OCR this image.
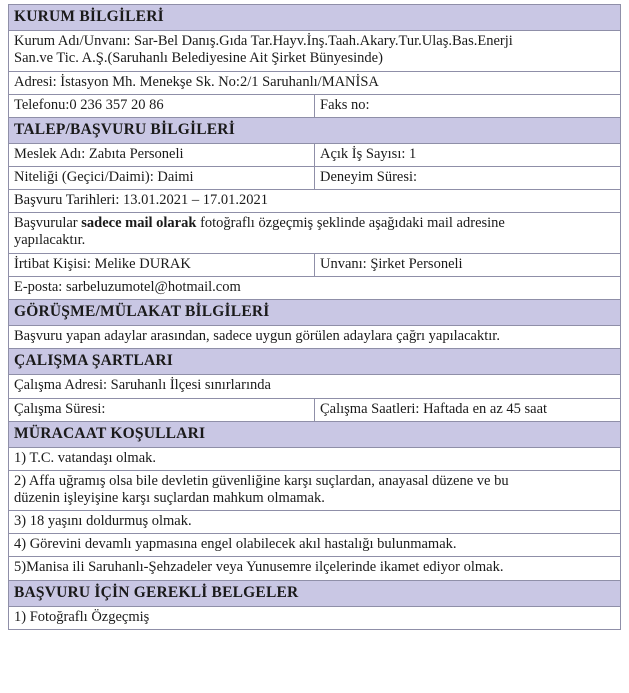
KURUM BİLGİLERİ	

Kurum Adı/Unvanı: Sar-Bel Danış.Gıda Tar.Hayv.İnş.Taah.Akary.Tur.Ulaş.Bas.Enerji
San.ve Tic. A.Ş.(Saruhanlı Belediyesine Ait Şirket Bünyesinde)	

Adresi: İstasyon Mh. Menekşe Sk. No:2/1 Saruhanlı/MANİSA	
Telefonu:0 236 357 20 86	Faks no:

TALEP/BAŞVURU BİLGİLERİ	

Meslek Adı: Zabıta Personeli	Açık İş Sayısı: 1
Niteliği (Geçici/Daimi): Daimi	Deneyim Süresi:
Başvuru Tarihleri: 13.01.2021 – 17.01.2021	

Başvurular sadece mail olarak fotoğraflı özgeçmiş şeklinde aşağıdaki mail adresine
yapılacaktır.	

İrtibat Kişisi: Melike DURAK	Unvanı: Şirket Personeli
E-posta: sarbeluzumotel@hotmail.com	

GÖRÜŞME/MÜLAKAT BİLGİLERİ	

Başvuru yapan adaylar arasından, sadece uygun görülen adaylara çağrı yapılacaktır.	

ÇALIŞMA ŞARTLARI	

Çalışma Adresi: Saruhanlı İlçesi sınırlarında	
Çalışma Süresi:	Çalışma Saatleri: Haftada en az 45 saat

MÜRACAAT KOŞULLARI	

1) T.C. vatandaşı olmak.	

2) Affa uğramış olsa bile devletin güvenliğine karşı suçlardan, anayasal düzene ve bu
düzenin işleyişine karşı suçlardan mahkum olmamak.	

3) 18 yaşını doldurmuş olmak.	
4) Görevini devamlı yapmasına engel olabilecek akıl hastalığı bulunmamak.	
5)Manisa ili Saruhanlı-Şehzadeler veya Yunusemre ilçelerinde ikamet ediyor olmak.	

BAŞVURU İÇİN GEREKLİ BELGELER	

1) Fotoğraflı Özgeçmiş	
